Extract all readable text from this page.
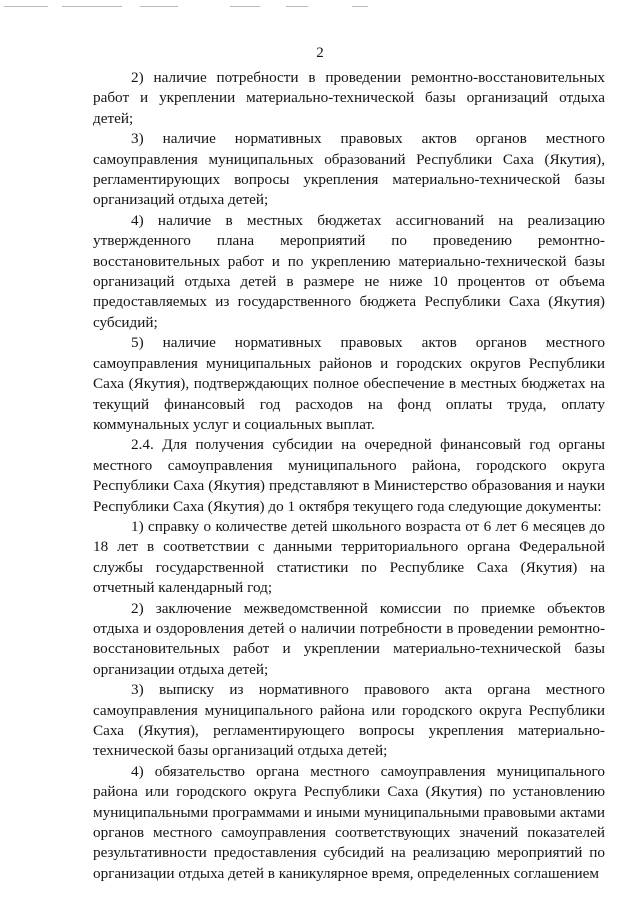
2

2) наличие потребности в проведении ремонтно-восстановительных работ и укреплении материально-технической базы организаций отдыха детей;

3) наличие нормативных правовых актов органов местного самоуправления муниципальных образований Республики Саха (Якутия), регламентирующих вопросы укрепления материально-технической базы организаций отдыха детей;

4) наличие в местных бюджетах ассигнований на реализацию утвержденного плана мероприятий по проведению ремонтно-восстановительных работ и по укреплению материально-технической базы организаций отдыха детей в размере не ниже 10 процентов от объема предоставляемых из государственного бюджета Республики Саха (Якутия) субсидий;

5) наличие нормативных правовых актов органов местного самоуправления муниципальных районов и городских округов Республики Саха (Якутия), подтверждающих полное обеспечение в местных бюджетах на текущий финансовый год расходов на фонд оплаты труда, оплату коммунальных услуг и социальных выплат.

2.4. Для получения субсидии на очередной финансовый год органы местного самоуправления муниципального района, городского округа Республики Саха (Якутия) представляют в Министерство образования и науки Республики Саха (Якутия) до 1 октября текущего года следующие документы:

1) справку о количестве детей школьного возраста от 6 лет 6 месяцев до 18 лет в соответствии с данными территориального органа Федеральной службы государственной статистики по Республике Саха (Якутия) на отчетный календарный год;

2) заключение межведомственной комиссии по приемке объектов отдыха и оздоровления детей о наличии потребности в проведении ремонтно- восстановительных работ и укреплении материально-технической базы организации отдыха детей;

3) выписку из нормативного правового акта органа местного самоуправления муниципального района или городского округа Республики Саха (Якутия), регламентирующего вопросы укрепления материально-технической базы организаций отдыха детей;

4) обязательство органа местного самоуправления муниципального района или городского округа Республики Саха (Якутия) по установлению муниципальными программами и иными муниципальными правовыми актами органов местного самоуправления соответствующих значений показателей результативности предоставления субсидий на реализацию мероприятий по организации отдыха детей в каникулярное время, определенных соглашением
